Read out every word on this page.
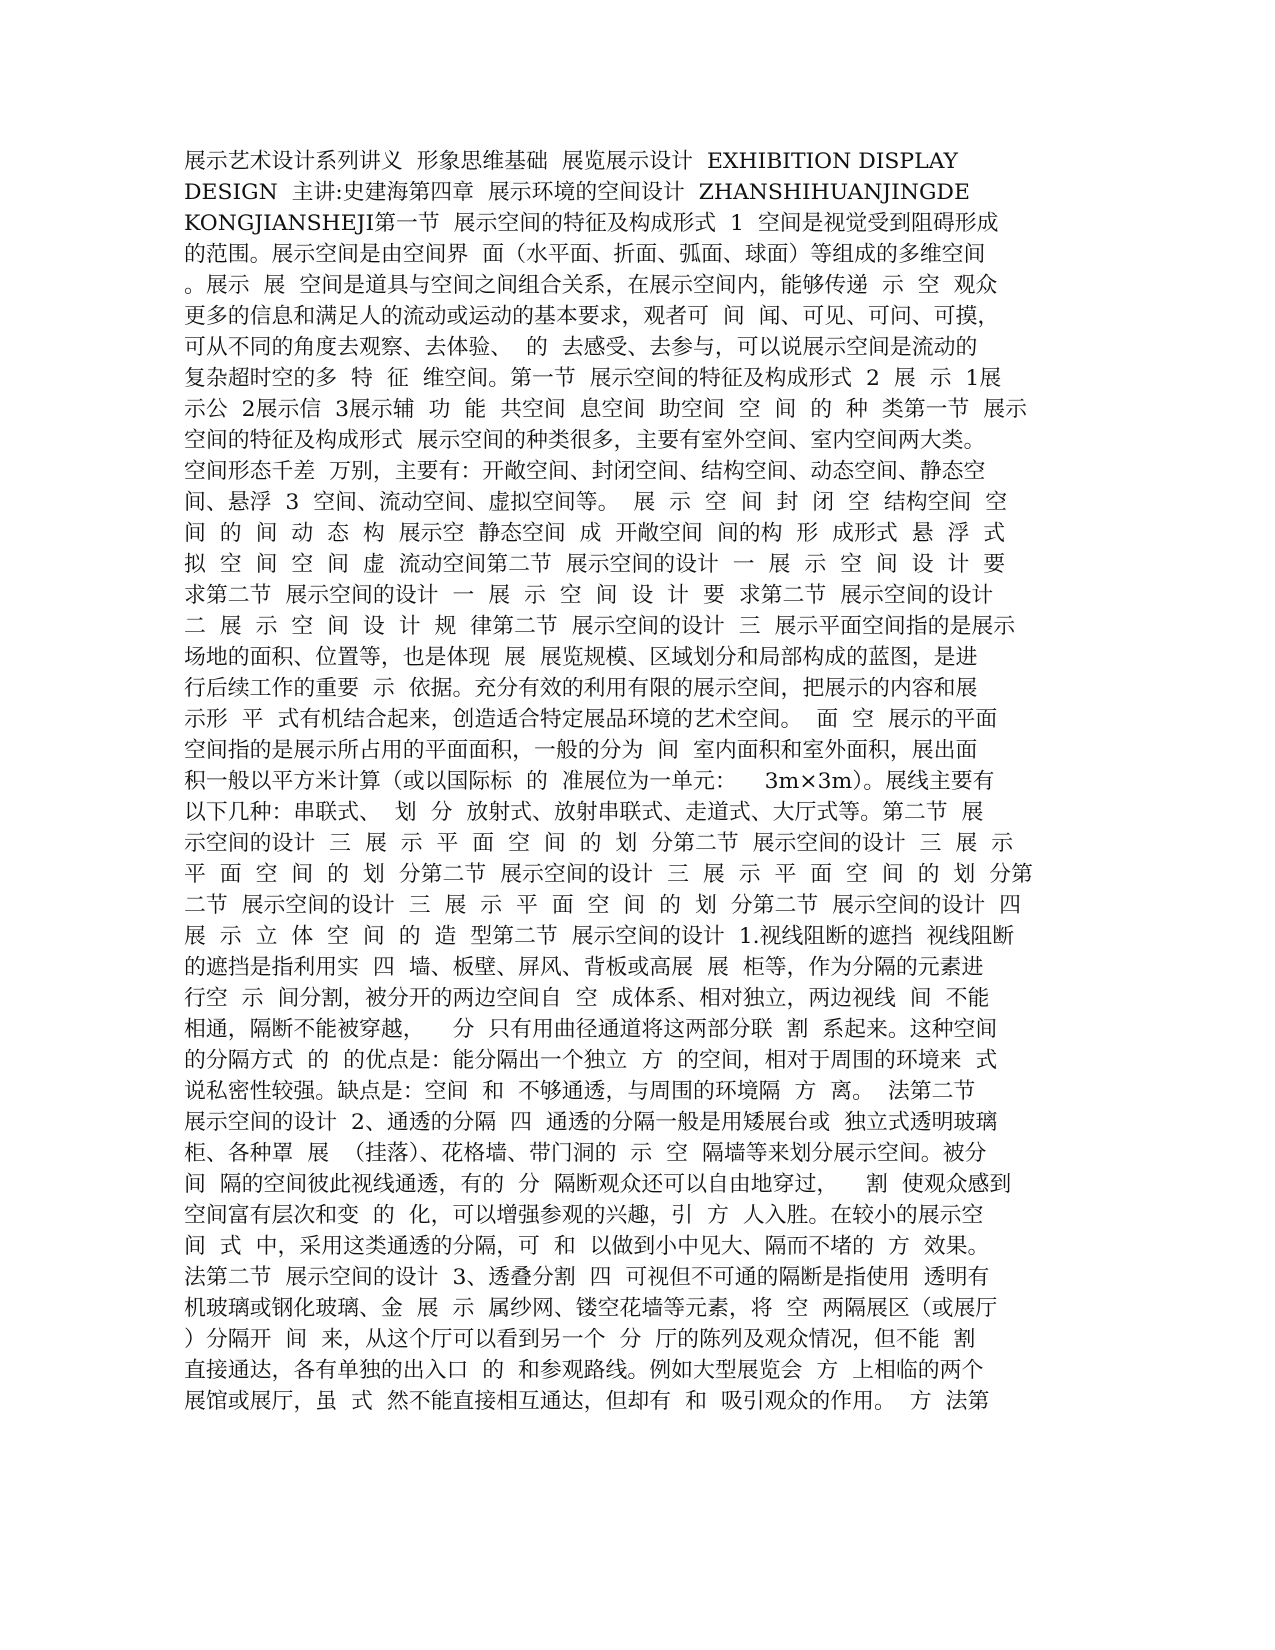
展示艺术设计系列讲义  形象思维基础  展览展示设计  EXHIBITION DISPLAY
DESIGN  主讲:史建海第四章  展示环境的空间设计  ZHANSHIHUANJINGDE
KONGJIANSHEJI第一节  展示空间的特征及构成形式  1  空间是视觉受到阻碍形成
的范围。展示空间是由空间界  面（水平面、折面、弧面、球面）等组成的多维空间
。展示  展  空间是道具与空间之间组合关系，在展示空间内，能够传递  示  空  观众
更多的信息和满足人的流动或运动的基本要求，观者可  间  闻、可见、可问、可摸，
可从不同的角度去观察、去体验、  的  去感受、去参与，可以说展示空间是流动的
复杂超时空的多  特  征  维空间。第一节  展示空间的特征及构成形式  2  展  示  1展
示公  2展示信  3展示辅  功  能  共空间  息空间  助空间  空  间  的  种  类第一节  展示
空间的特征及构成形式  展示空间的种类很多，主要有室外空间、室内空间两大类。
空间形态千差  万别，主要有：开敞空间、封闭空间、结构空间、动态空间、静态空
间、悬浮  3  空间、流动空间、虚拟空间等。  展  示  空  间  封  闭  空  结构空间  空
间  的  间  动  态  构  展示空  静态空间  成  开敞空间  间的构  形  成形式  悬  浮  式
拟  空  间  空  间  虚  流动空间第二节  展示空间的设计  一  展  示  空  间  设  计  要
求第二节  展示空间的设计  一  展  示  空  间  设  计  要  求第二节  展示空间的设计
二  展  示  空  间  设  计  规  律第二节  展示空间的设计  三  展示平面空间指的是展示
场地的面积、位置等，也是体现  展  展览规模、区域划分和局部构成的蓝图，是进
行后续工作的重要  示  依据。充分有效的利用有限的展示空间，把展示的内容和展
示形  平  式有机结合起来，创造适合特定展品环境的艺术空间。  面  空  展示的平面
空间指的是展示所占用的平面面积，一般的分为  间  室内面积和室外面积，展出面
积一般以平方米计算（或以国际标  的  准展位为一单元：    3m×3m）。展线主要有
以下几种：串联式、  划  分  放射式、放射串联式、走道式、大厅式等。第二节  展
示空间的设计  三  展  示  平  面  空  间  的  划  分第二节  展示空间的设计  三  展  示
平  面  空  间  的  划  分第二节  展示空间的设计  三  展  示  平  面  空  间  的  划  分第
二节  展示空间的设计  三  展  示  平  面  空  间  的  划  分第二节  展示空间的设计  四
展  示  立  体  空  间  的  造  型第二节  展示空间的设计  1.视线阻断的遮挡  视线阻断
的遮挡是指利用实  四  墙、板壁、屏风、背板或高展  展  柜等，作为分隔的元素进
行空  示  间分割，被分开的两边空间自  空  成体系、相对独立，两边视线  间  不能
相通，隔断不能被穿越，    分  只有用曲径通道将这两部分联  割  系起来。这种空间
的分隔方式  的  的优点是：能分隔出一个独立  方  的空间，相对于周围的环境来  式
说私密性较强。缺点是：空间  和  不够通透，与周围的环境隔  方  离。  法第二节
展示空间的设计  2、通透的分隔  四  通透的分隔一般是用矮展台或  独立式透明玻璃
柜、各种罩  展  （挂落）、花格墙、带门洞的  示  空  隔墙等来划分展示空间。被分
间  隔的空间彼此视线通透，有的  分  隔断观众还可以自由地穿过，    割  使观众感到
空间富有层次和变  的  化，可以增强参观的兴趣，引  方  人入胜。在较小的展示空
间  式  中，采用这类通透的分隔，可  和  以做到小中见大、隔而不堵的  方  效果。
法第二节  展示空间的设计  3、透叠分割  四  可视但不可通的隔断是指使用  透明有
机玻璃或钢化玻璃、金  展  示  属纱网、镂空花墙等元素，将  空  两隔展区（或展厅
）分隔开  间  来，从这个厅可以看到另一个  分  厅的陈列及观众情况，但不能  割
直接通达，各有单独的出入口  的  和参观路线。例如大型展览会  方  上相临的两个
展馆或展厅，虽  式  然不能直接相互通达，但却有  和  吸引观众的作用。  方  法第
